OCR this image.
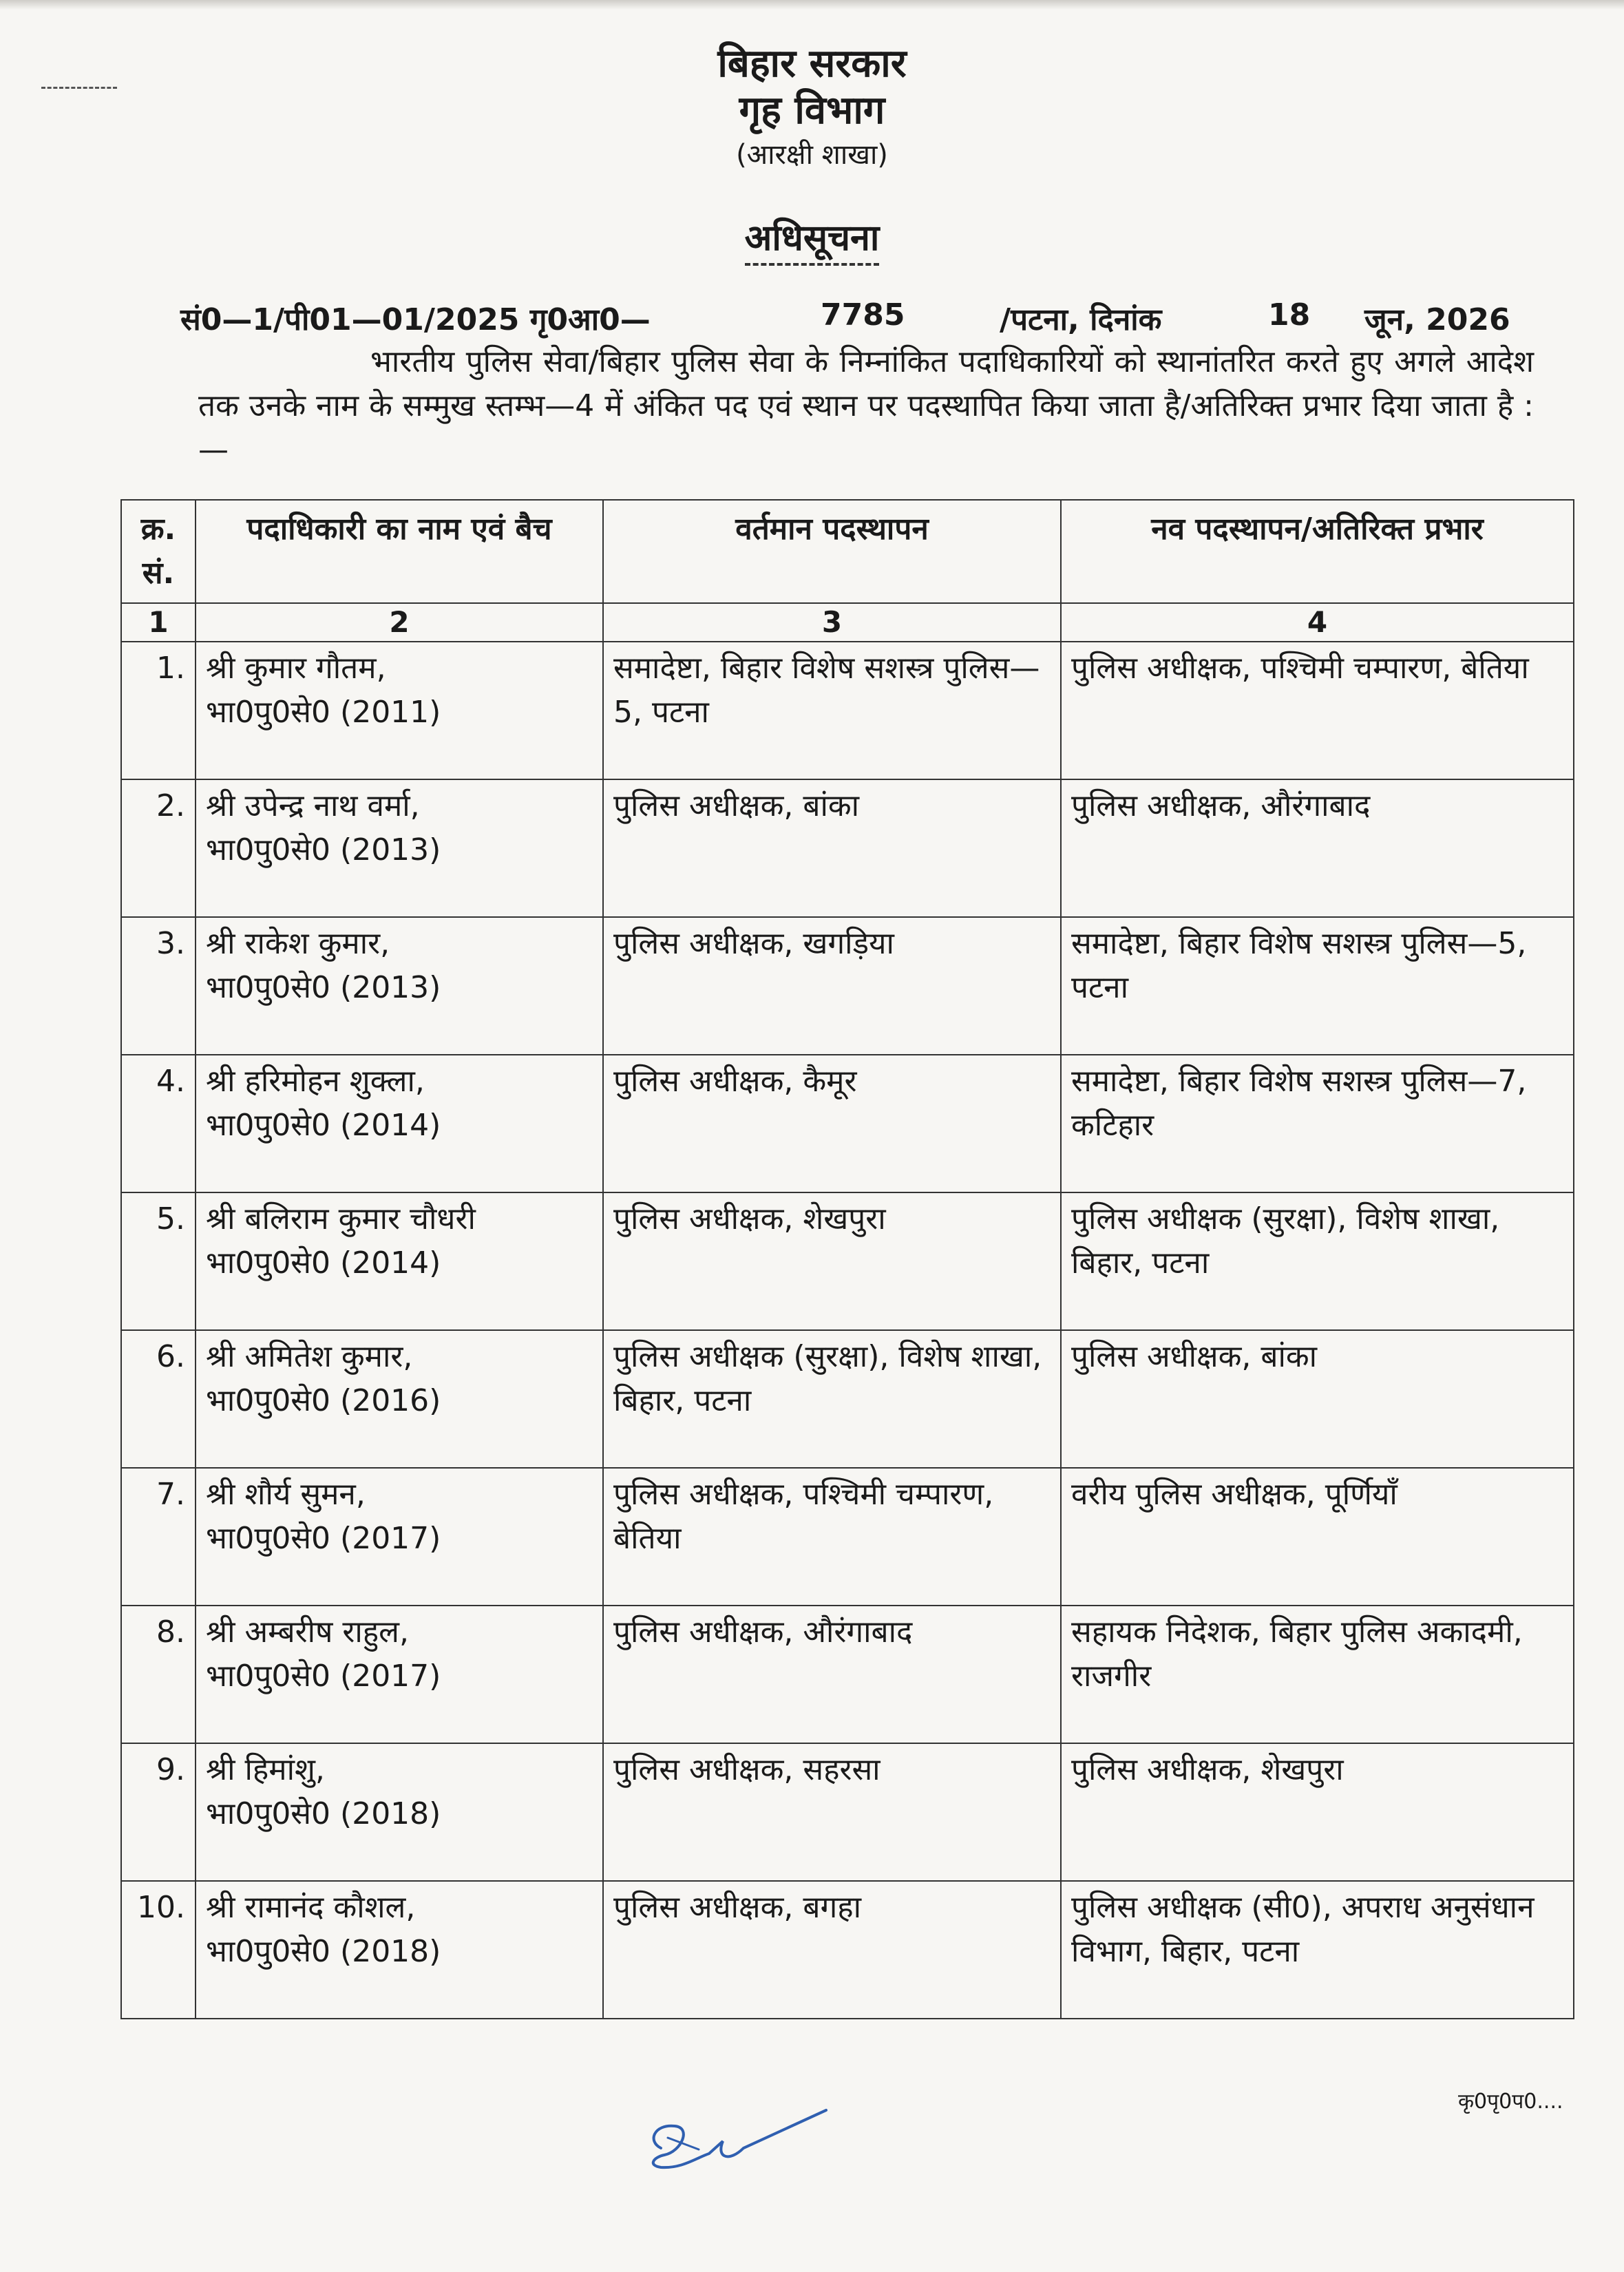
बिहार सरकार
गृह विभाग
(आरक्षी शाखा)
अधिसूचना
सं0—1/पी01—01/2025 गृ0आ0—	7785	/पटना, दिनांक	18 जून, 2026
भारतीय पुलिस सेवा/बिहार पुलिस सेवा के निम्नांकित पदाधिकारियों को स्थानांतरित करते हुए अगले आदेश तक उनके नाम के सम्मुख स्तम्भ—4 में अंकित पद एवं स्थान पर पदस्थापित किया जाता है/अतिरिक्त प्रभार दिया जाता है :—
क्र. सं.	पदाधिकारी का नाम एवं बैच	वर्तमान पदस्थापन	नव पदस्थापन/अतिरिक्त प्रभार
1	2	3	4
1.	श्री कुमार गौतम,
भा0पु0से0 (2011)	समादेष्टा, बिहार विशेष सशस्त्र पुलिस—5, पटना	पुलिस अधीक्षक, पश्चिमी चम्पारण, बेतिया
2.	श्री उपेन्द्र नाथ वर्मा,
भा0पु0से0 (2013)	पुलिस अधीक्षक, बांका	पुलिस अधीक्षक, औरंगाबाद
3.	श्री राकेश कुमार,
भा0पु0से0 (2013)	पुलिस अधीक्षक, खगड़िया	समादेष्टा, बिहार विशेष सशस्त्र पुलिस—5, पटना
4.	श्री हरिमोहन शुक्ला,
भा0पु0से0 (2014)	पुलिस अधीक्षक, कैमूर	समादेष्टा, बिहार विशेष सशस्त्र पुलिस—7, कटिहार
5.	श्री बलिराम कुमार चौधरी
भा0पु0से0 (2014)	पुलिस अधीक्षक, शेखपुरा	पुलिस अधीक्षक (सुरक्षा), विशेष शाखा, बिहार, पटना
6.	श्री अमितेश कुमार,
भा0पु0से0 (2016)	पुलिस अधीक्षक (सुरक्षा), विशेष शाखा, बिहार, पटना	पुलिस अधीक्षक, बांका
7.	श्री शौर्य सुमन,
भा0पु0से0 (2017)	पुलिस अधीक्षक, पश्चिमी चम्पारण, बेतिया	वरीय पुलिस अधीक्षक, पूर्णियाँ
8.	श्री अम्बरीष राहुल,
भा0पु0से0 (2017)	पुलिस अधीक्षक, औरंगाबाद	सहायक निदेशक, बिहार पुलिस अकादमी, राजगीर
9.	श्री हिमांशु,
भा0पु0से0 (2018)	पुलिस अधीक्षक, सहरसा	पुलिस अधीक्षक, शेखपुरा
10.	श्री रामानंद कौशल,
भा0पु0से0 (2018)	पुलिस अधीक्षक, बगहा	पुलिस अधीक्षक (सी0), अपराध अनुसंधान विभाग, बिहार, पटना
कृ0पृ0प0....
